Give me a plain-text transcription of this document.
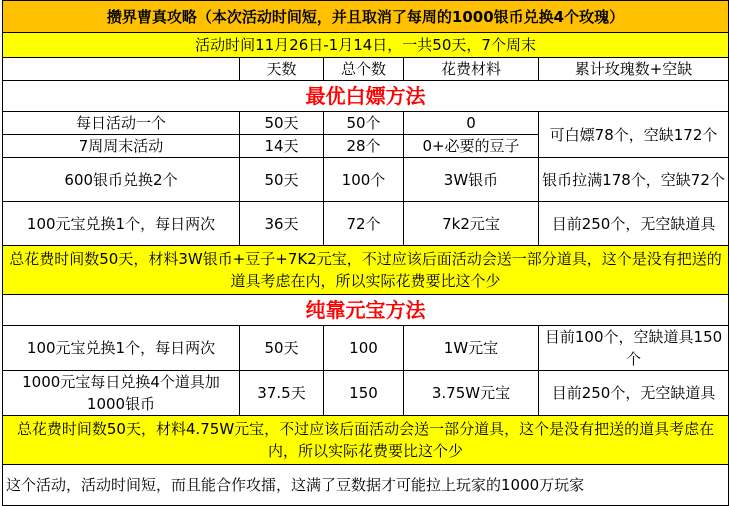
攒界曹真攻略（本次活动时间短，并且取消了每周的1000银币兑换4个玫瑰）				
活动时间11月26日-1月14日，一共50天，7个周末				
	天数	总个数	花费材料	累计玫瑰数+空缺
最优白嫖方法				
每日活动一个	50天	50个	0	可白嫖78个，空缺172个
7周周末活动	14天	28个	0+必要的豆子	
600银币兑换2个	50天	100个	3W银币	银币拉满178个，空缺72个
100元宝兑换1个，每日两次	36天	72个	7k2元宝	目前250个，无空缺道具
总花费时间数50天，材料3W银币+豆子+7K2元宝，不过应该后面活动会送一部分道具，这个是没有把送的道具考虑在内，所以实际花费要比这个少				
纯靠元宝方法				
100元宝兑换1个，每日两次	50天	100	1W元宝	目前100个，空缺道具150个
1000元宝每日兑换4个道具加1000银币	37.5天	150	3.75W元宝	目前250个，无空缺道具
总花费时间数50天，材料4.75W元宝，不过应该后面活动会送一部分道具，这个是没有把送的道具考虑在内，所以实际花费要比这个少				
这个活动，活动时间短，而且能合作攻擂，这满了豆数据才可能拉上玩家的1000万玩家				
